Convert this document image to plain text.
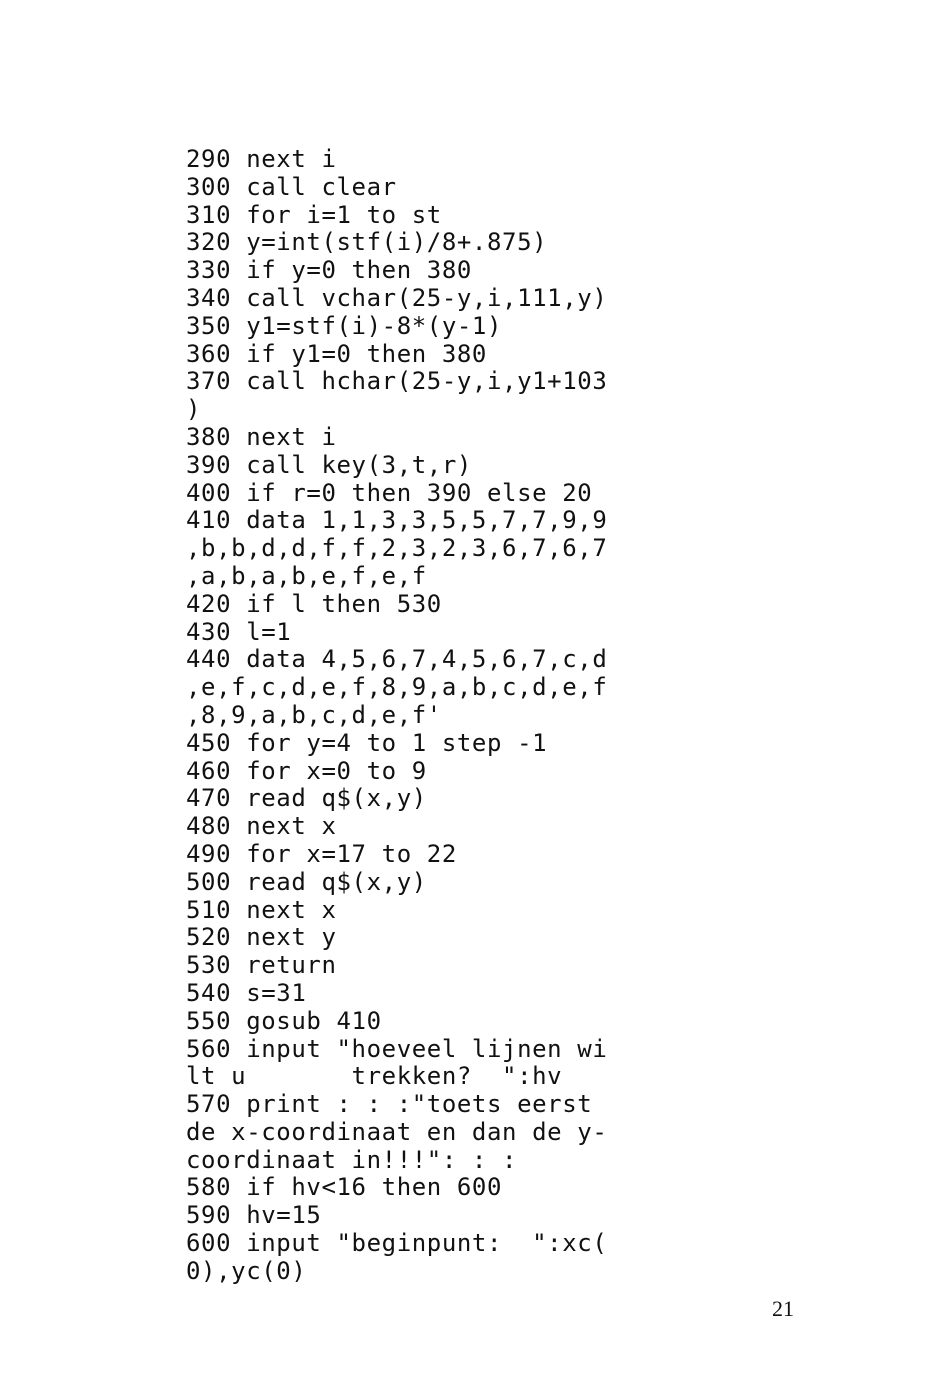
290 next i
300 call clear
310 for i=1 to st
320 y=int(stf(i)/8+.875)
330 if y=0 then 380
340 call vchar(25-y,i,111,y)
350 y1=stf(i)-8*(y-1)
360 if y1=0 then 380
370 call hchar(25-y,i,y1+103
)
380 next i
390 call key(3,t,r)
400 if r=0 then 390 else 20
410 data 1,1,3,3,5,5,7,7,9,9
,b,b,d,d,f,f,2,3,2,3,6,7,6,7
,a,b,a,b,e,f,e,f
420 if l then 530
430 l=1
440 data 4,5,6,7,4,5,6,7,c,d
,e,f,c,d,e,f,8,9,a,b,c,d,e,f
,8,9,a,b,c,d,e,f'
450 for y=4 to 1 step -1
460 for x=0 to 9
470 read q$(x,y)
480 next x
490 for x=17 to 22
500 read q$(x,y)
510 next x
520 next y
530 return
540 s=31
550 gosub 410
560 input "hoeveel lijnen wi
lt u       trekken?  ":hv
570 print : : :"toets eerst
de x-coordinaat en dan de y-
coordinaat in!!!": : :
580 if hv<16 then 600
590 hv=15
600 input "beginpunt:  ":xc(
0),yc(0)
21
